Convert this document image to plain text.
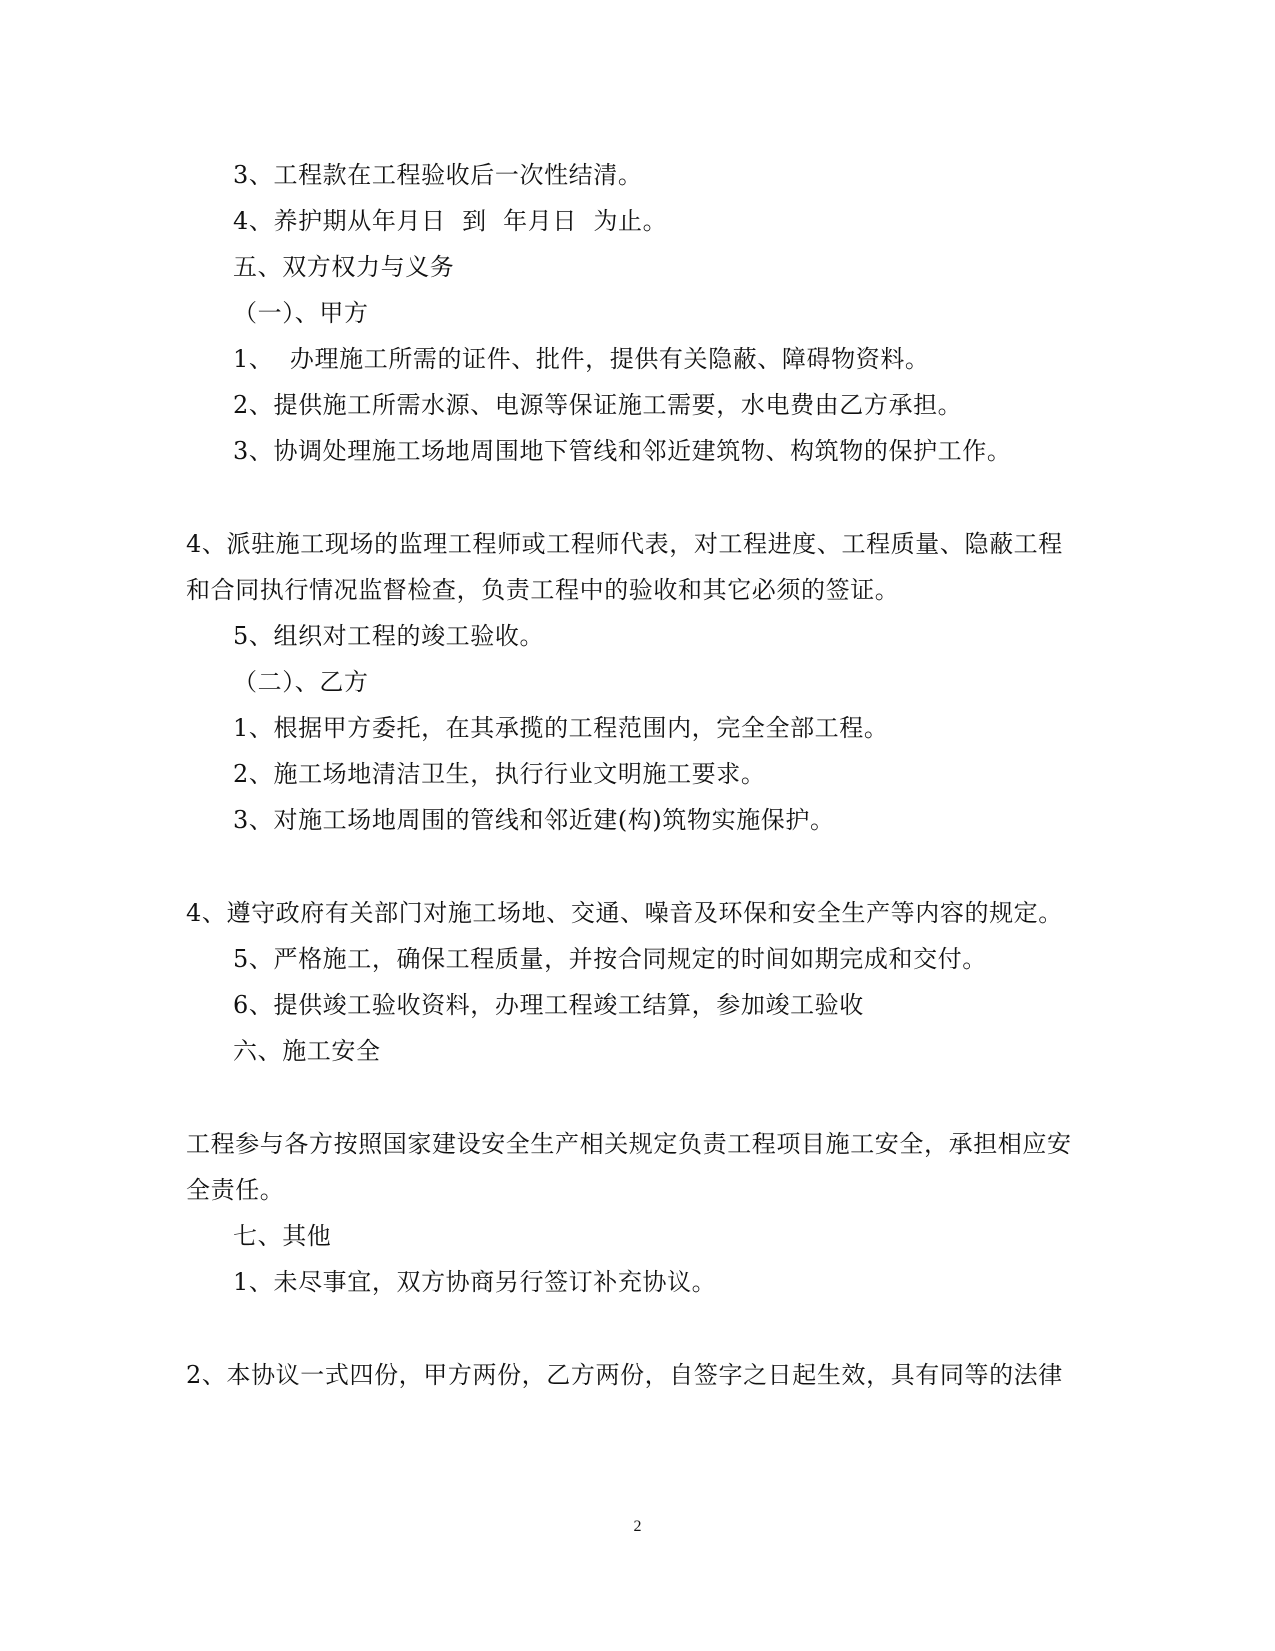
3、工程款在工程验收后一次性结清。
4、养护期从年月日  到  年月日  为止。
五、双方权力与义务
（一）、甲方
1、  办理施工所需的证件、批件，提供有关隐蔽、障碍物资料。
2、提供施工所需水源、电源等保证施工需要，水电费由乙方承担。
3、协调处理施工场地周围地下管线和邻近建筑物、构筑物的保护工作。
4、派驻施工现场的监理工程师或工程师代表，对工程进度、工程质量、隐蔽工程
和合同执行情况监督检查，负责工程中的验收和其它必须的签证。
5、组织对工程的竣工验收。
（二）、乙方
1、根据甲方委托，在其承揽的工程范围内，完全全部工程。
2、施工场地清洁卫生，执行行业文明施工要求。
3、对施工场地周围的管线和邻近建(构)筑物实施保护。
4、遵守政府有关部门对施工场地、交通、噪音及环保和安全生产等内容的规定。
5、严格施工，确保工程质量，并按合同规定的时间如期完成和交付。
6、提供竣工验收资料，办理工程竣工结算，参加竣工验收
六、施工安全
工程参与各方按照国家建设安全生产相关规定负责工程项目施工安全，承担相应安
全责任。
七、其他
1、未尽事宜，双方协商另行签订补充协议。
2、本协议一式四份，甲方两份，乙方两份，自签字之日起生效，具有同等的法律
2
